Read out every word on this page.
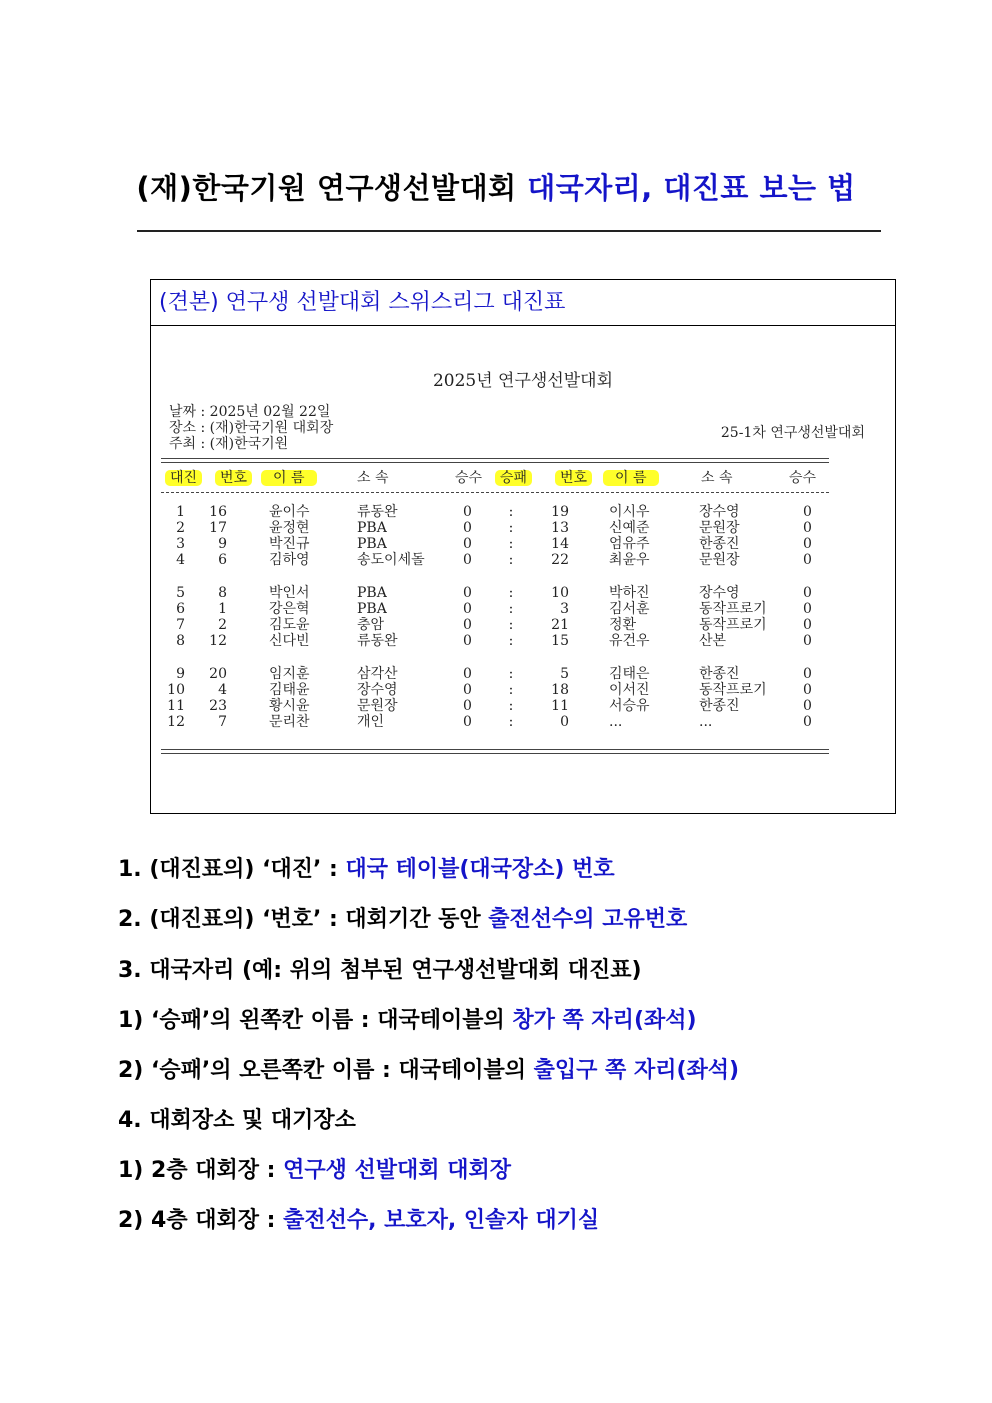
(재)한국기원 연구생선발대회 대국자리, 대진표 보는 법
(견본) 연구생 선발대회 스위스리그 대진표
2025년 연구생선발대회
날짜 : 2025년 02월 22일
장소 : (재)한국기원 대회장
주최 : (재)한국기원
25-1차 연구생선발대회
대진	번호	이 름	소 속	승수	승패	번호	이 름	소 속	승수
1	16	윤이수	류동완	0	:	19	이시우	장수영	0
2	17	윤정현	PBA	0	:	13	신예준	문원장	0
3	9	박진규	PBA	0	:	14	엄유주	한종진	0
4	6	김하영	송도이세돌	0	:	22	최윤우	문원장	0
5	8	박인서	PBA	0	:	10	박하진	장수영	0
6	1	강은혁	PBA	0	:	3	김서훈	동작프로기	0
7	2	김도윤	충암	0	:	21	정환	동작프로기	0
8	12	신다빈	류동완	0	:	15	유건우	산본	0
9	20	임지훈	삼각산	0	:	5	김태은	한종진	0
10	4	김태윤	장수영	0	:	18	이서진	동작프로기	0
11	23	황시윤	문원장	0	:	11	서승유	한종진	0
12	7	문리찬	개인	0	:	0	...	...	0
1. (대진표의) ‘대진’ : 대국 테이블(대국장소) 번호
2. (대진표의) ‘번호’ : 대회기간 동안 출전선수의 고유번호
3. 대국자리 (예: 위의 첨부된 연구생선발대회 대진표)
1) ‘승패’의 왼쪽칸 이름 : 대국테이블의 창가 쪽 자리(좌석)
2) ‘승패’의 오른쪽칸 이름 : 대국테이블의 출입구 쪽 자리(좌석)
4. 대회장소 및 대기장소
1) 2층 대회장 : 연구생 선발대회 대회장
2) 4층 대회장 : 출전선수, 보호자, 인솔자 대기실
